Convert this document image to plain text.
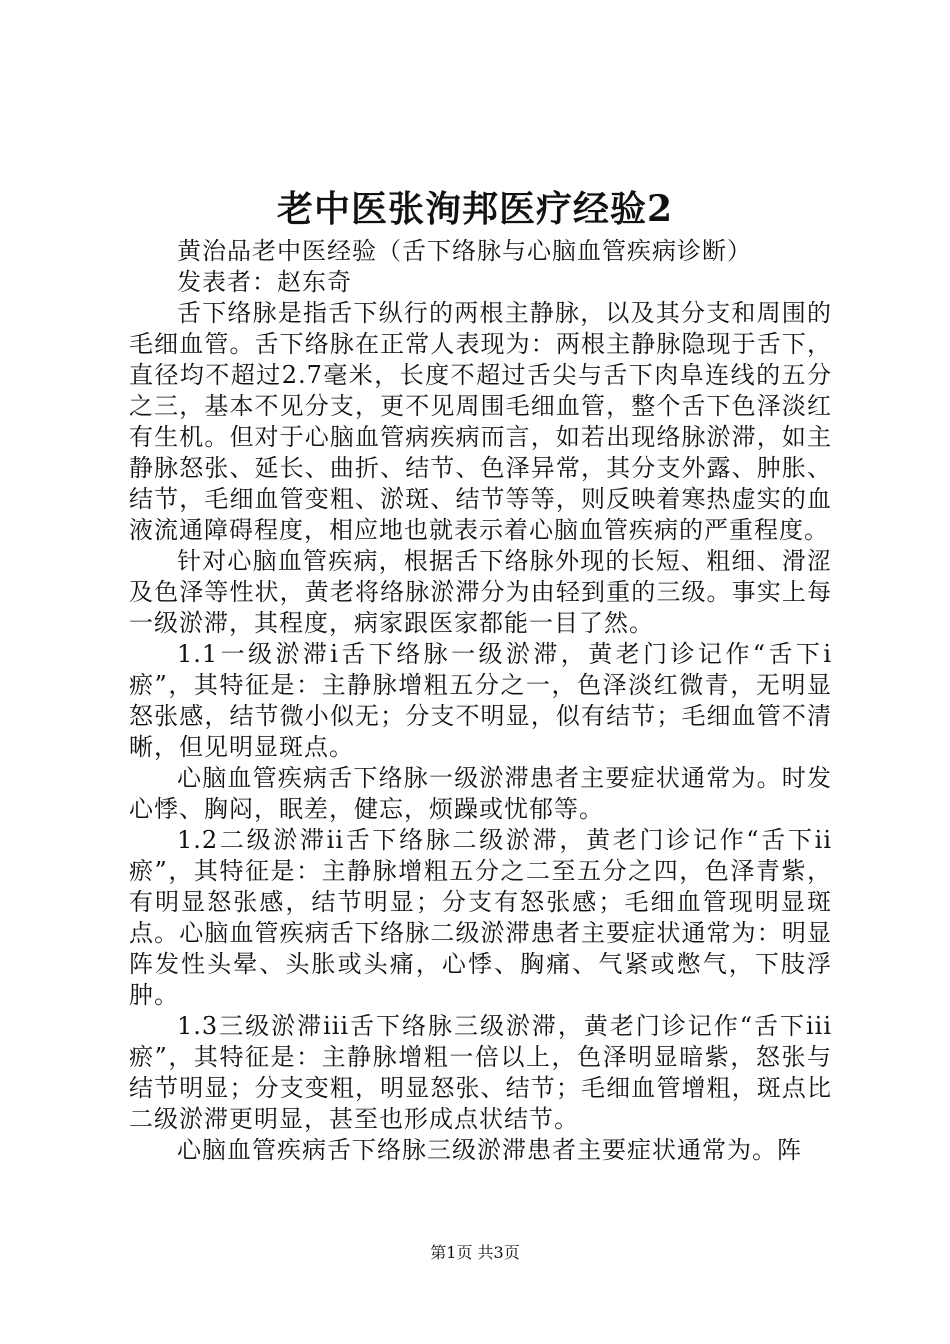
老中医张洵邦医疗经验2

黄治品老中医经验（舌下络脉与心脑血管疾病诊断）

发表者：赵东奇

舌下络脉是指舌下纵行的两根主静脉，以及其分支和周围的毛细血管。舌下络脉在正常人表现为：两根主静脉隐现于舌下，直径均不超过2.7毫米，长度不超过舌尖与舌下肉阜连线的五分之三，基本不见分支，更不见周围毛细血管，整个舌下色泽淡红有生机。但对于心脑血管病疾病而言，如若出现络脉淤滞，如主静脉怒张、延长、曲折、结节、色泽异常，其分支外露、肿胀、结节，毛细血管变粗、淤斑、结节等等，则反映着寒热虚实的血液流通障碍程度，相应地也就表示着心脑血管疾病的严重程度。

针对心脑血管疾病，根据舌下络脉外现的长短、粗细、滑涩及色泽等性状，黄老将络脉淤滞分为由轻到重的三级。事实上每一级淤滞，其程度，病家跟医家都能一目了然。

1.1一级淤滞i舌下络脉一级淤滞，黄老门诊记作“舌下i瘀”，其特征是：主静脉增粗五分之一，色泽淡红微青，无明显怒张感，结节微小似无；分支不明显，似有结节；毛细血管不清晰，但见明显斑点。

心脑血管疾病舌下络脉一级淤滞患者主要症状通常为。时发心悸、胸闷，眠差，健忘，烦躁或忧郁等。

1.2二级淤滞ii舌下络脉二级淤滞，黄老门诊记作“舌下ii瘀”，其特征是：主静脉增粗五分之二至五分之四，色泽青紫，有明显怒张感，结节明显；分支有怒张感；毛细血管现明显斑点。心脑血管疾病舌下络脉二级淤滞患者主要症状通常为：明显阵发性头晕、头胀或头痛，心悸、胸痛、气紧或憋气，下肢浮肿。

1.3三级淤滞iii舌下络脉三级淤滞，黄老门诊记作“舌下iii瘀”，其特征是：主静脉增粗一倍以上，色泽明显暗紫，怒张与结节明显；分支变粗，明显怒张、结节；毛细血管增粗，斑点比二级淤滞更明显，甚至也形成点状结节。

心脑血管疾病舌下络脉三级淤滞患者主要症状通常为。阵

第1页 共3页
